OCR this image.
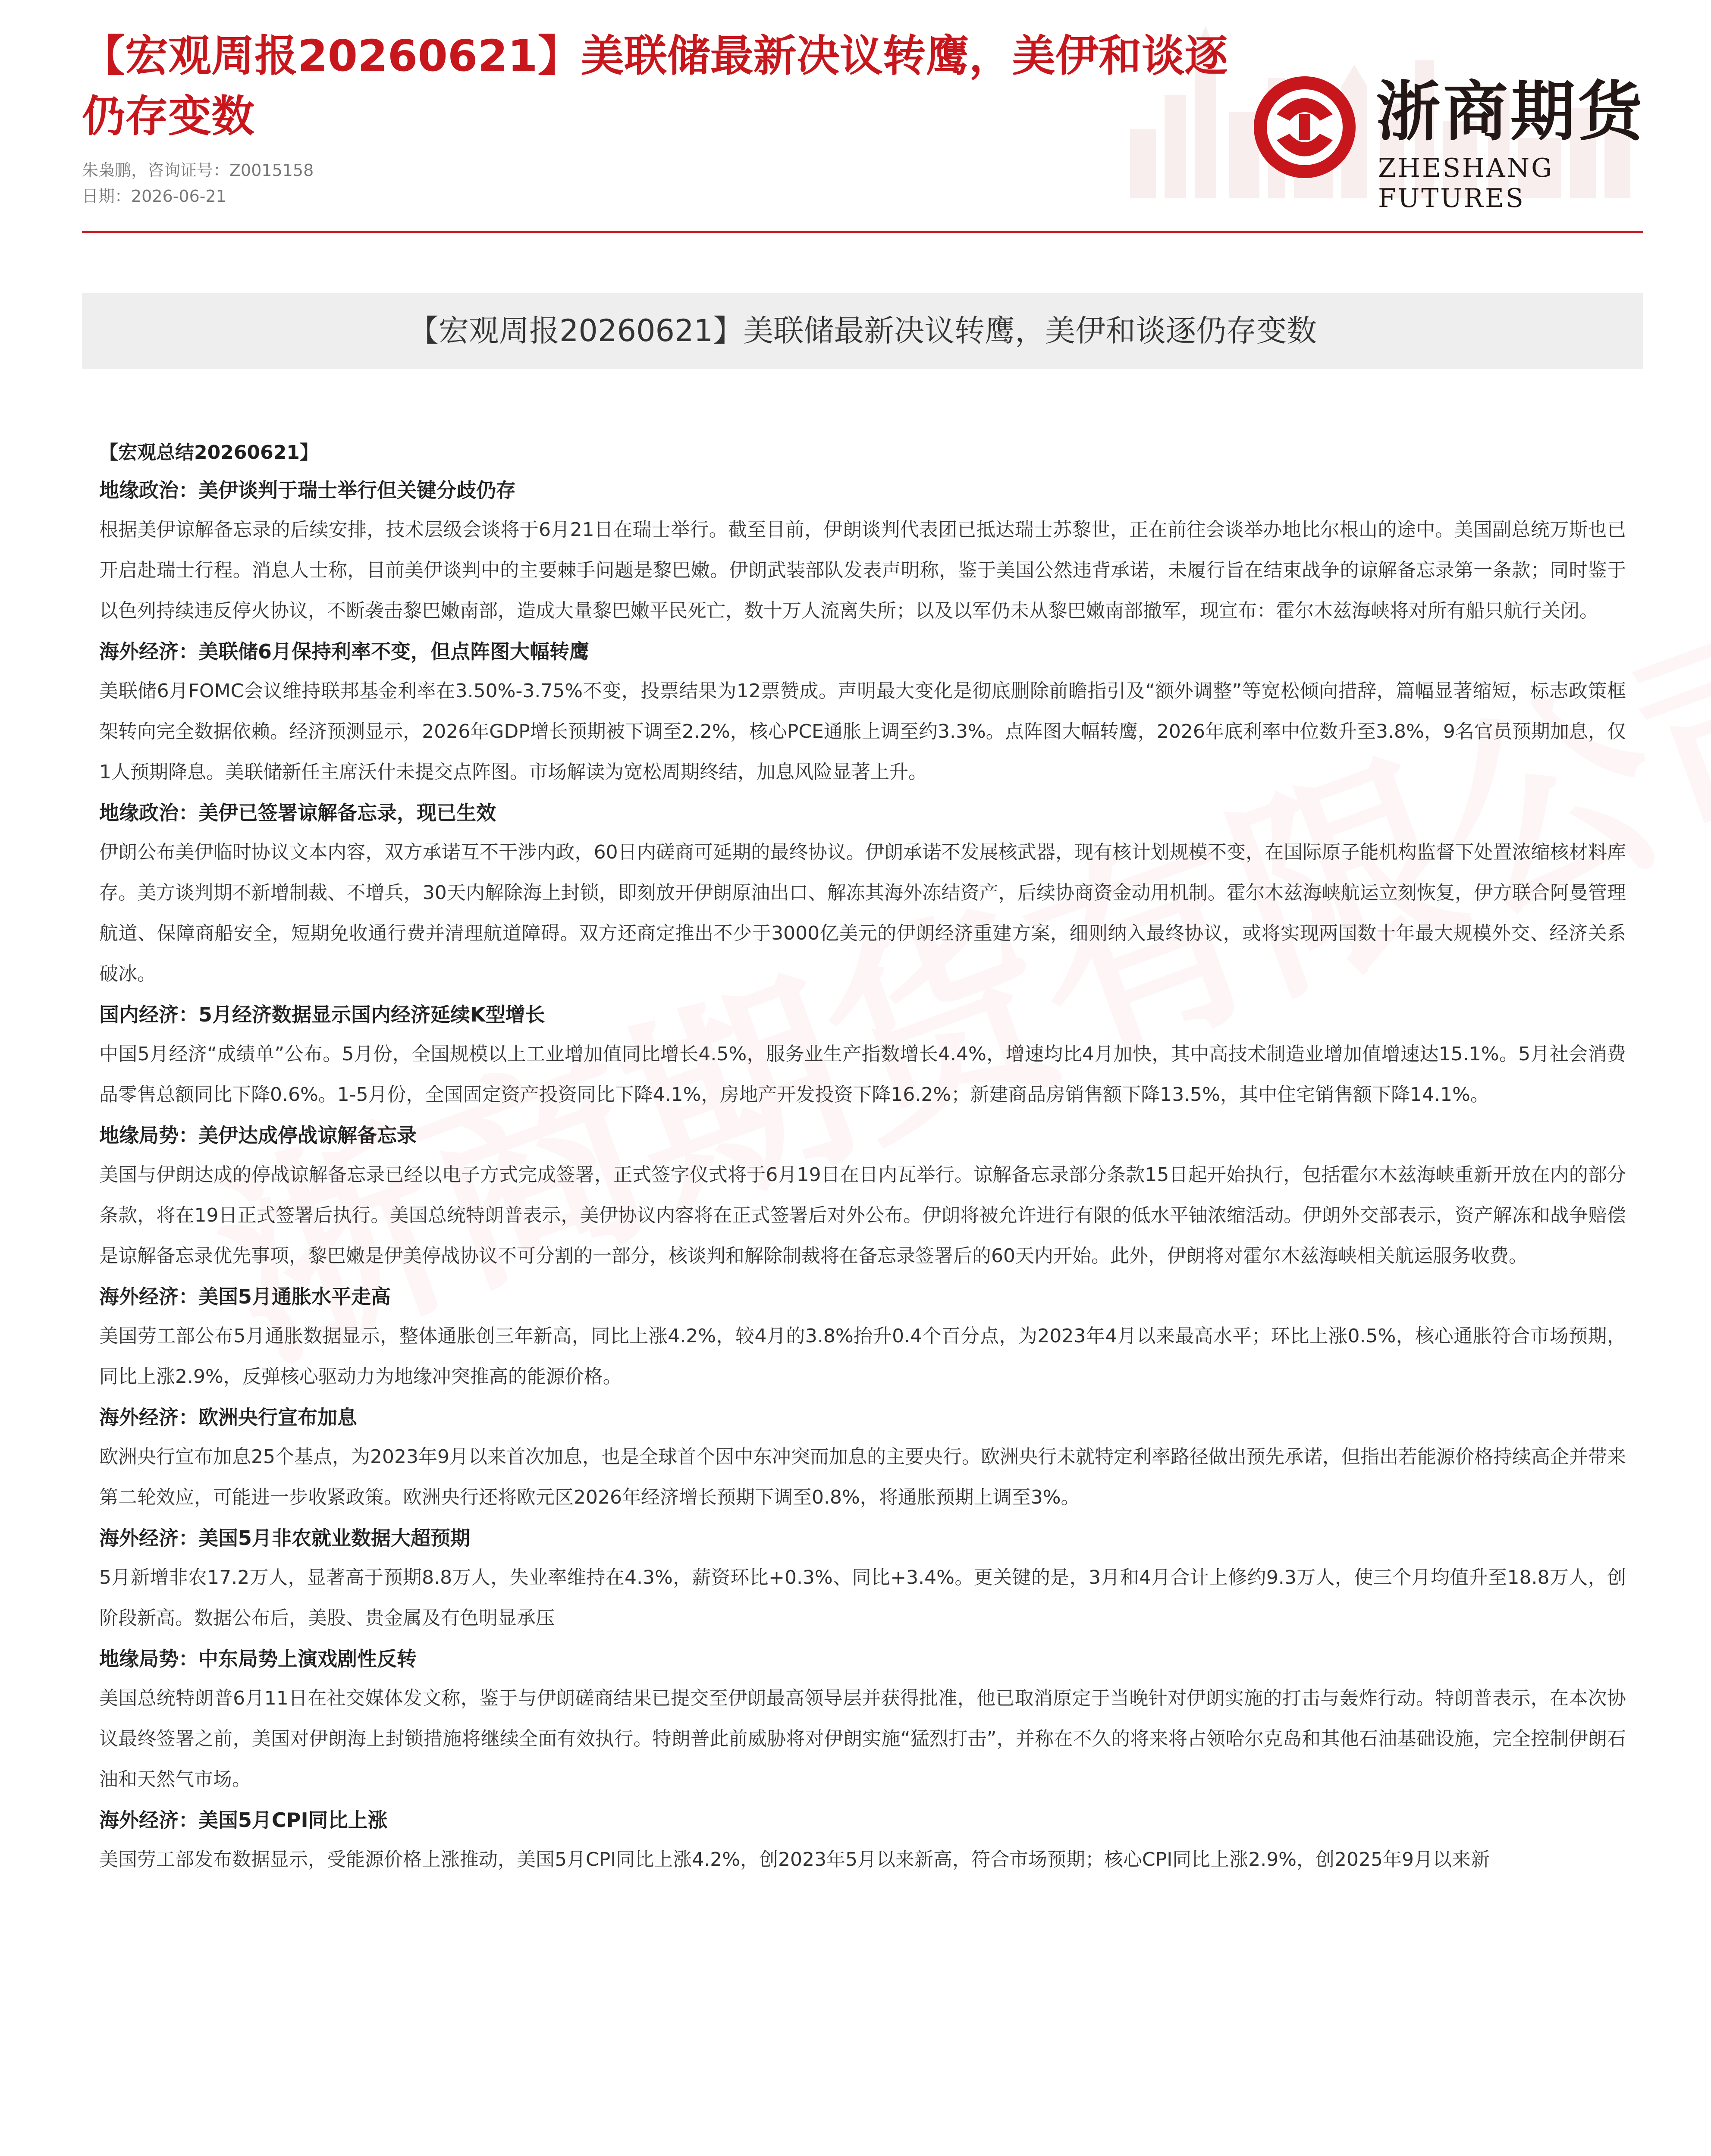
【宏观周报20260621】美联储最新决议转鹰，美伊和谈逐仍存变数	浙商期货
ZHESHANG FUTURES
朱枭鹏，咨询证号：Z0015158
日期：2026-06-21
【宏观周报20260621】美联储最新决议转鹰，美伊和谈逐仍存变数
【宏观总结20260621】
地缘政治：美伊谈判于瑞士举行但关键分歧仍存

根据美伊谅解备忘录的后续安排，技术层级会谈将于6月21日在瑞士举行。截至目前，伊朗谈判代表团已抵达瑞士苏黎世，正在前往会谈举办地比尔根山的途中。美国副总统万斯也已开启赴瑞士行程。消息人士称，目前美伊谈判中的主要棘手问题是黎巴嫩。伊朗武装部队发表声明称，鉴于美国公然违背承诺，未履行旨在结束战争的谅解备忘录第一条款；同时鉴于以色列持续违反停火协议，不断袭击黎巴嫩南部，造成大量黎巴嫩平民死亡，数十万人流离失所；以及以军仍未从黎巴嫩南部撤军，现宣布：霍尔木兹海峡将对所有船只航行关闭。

海外经济：美联储6月保持利率不变，但点阵图大幅转鹰

美联储6月FOMC会议维持联邦基金利率在3.50%-3.75%不变，投票结果为12票赞成。声明最大变化是彻底删除前瞻指引及“额外调整”等宽松倾向措辞，篇幅显著缩短，标志政策框架转向完全数据依赖。经济预测显示，2026年GDP增长预期被下调至2.2%，核心PCE通胀上调至约3.3%。点阵图大幅转鹰，2026年底利率中位数升至3.8%，9名官员预期加息，仅1人预期降息。美联储新任主席沃什未提交点阵图。市场解读为宽松周期终结，加息风险显著上升。

地缘政治：美伊已签署谅解备忘录，现已生效

伊朗公布美伊临时协议文本内容，双方承诺互不干涉内政，60日内磋商可延期的最终协议。伊朗承诺不发展核武器，现有核计划规模不变，在国际原子能机构监督下处置浓缩核材料库存。美方谈判期不新增制裁、不增兵，30天内解除海上封锁，即刻放开伊朗原油出口、解冻其海外冻结资产，后续协商资金动用机制。霍尔木兹海峡航运立刻恢复，伊方联合阿曼管理航道、保障商船安全，短期免收通行费并清理航道障碍。双方还商定推出不少于3000亿美元的伊朗经济重建方案，细则纳入最终协议，或将实现两国数十年最大规模外交、经济关系破冰。

国内经济：5月经济数据显示国内经济延续K型增长

中国5月经济“成绩单”公布。5月份，全国规模以上工业增加值同比增长4.5%，服务业生产指数增长4.4%，增速均比4月加快，其中高技术制造业增加值增速达15.1%。5月社会消费品零售总额同比下降0.6%。1-5月份，全国固定资产投资同比下降4.1%，房地产开发投资下降16.2%；新建商品房销售额下降13.5%，其中住宅销售额下降14.1%。

地缘局势：美伊达成停战谅解备忘录

美国与伊朗达成的停战谅解备忘录已经以电子方式完成签署，正式签字仪式将于6月19日在日内瓦举行。谅解备忘录部分条款15日起开始执行，包括霍尔木兹海峡重新开放在内的部分条款，将在19日正式签署后执行。美国总统特朗普表示，美伊协议内容将在正式签署后对外公布。伊朗将被允许进行有限的低水平铀浓缩活动。伊朗外交部表示，资产解冻和战争赔偿是谅解备忘录优先事项，黎巴嫩是伊美停战协议不可分割的一部分，核谈判和解除制裁将在备忘录签署后的60天内开始。此外，伊朗将对霍尔木兹海峡相关航运服务收费。

海外经济：美国5月通胀水平走高

美国劳工部公布5月通胀数据显示，整体通胀创三年新高，同比上涨4.2%，较4月的3.8%抬升0.4个百分点，为2023年4月以来最高水平；环比上涨0.5%，核心通胀符合市场预期，同比上涨2.9%，反弹核心驱动力为地缘冲突推高的能源价格。

海外经济：欧洲央行宣布加息

欧洲央行宣布加息25个基点，为2023年9月以来首次加息，也是全球首个因中东冲突而加息的主要央行。欧洲央行未就特定利率路径做出预先承诺，但指出若能源价格持续高企并带来第二轮效应，可能进一步收紧政策。欧洲央行还将欧元区2026年经济增长预期下调至0.8%，将通胀预期上调至3%。

海外经济：美国5月非农就业数据大超预期

5月新增非农17.2万人，显著高于预期8.8万人，失业率维持在4.3%，薪资环比+0.3%、同比+3.4%。更关键的是，3月和4月合计上修约9.3万人，使三个月均值升至18.8万人，创阶段新高。数据公布后，美股、贵金属及有色明显承压

地缘局势：中东局势上演戏剧性反转

美国总统特朗普6月11日在社交媒体发文称，鉴于与伊朗磋商结果已提交至伊朗最高领导层并获得批准，他已取消原定于当晚针对伊朗实施的打击与轰炸行动。特朗普表示，在本次协议最终签署之前，美国对伊朗海上封锁措施将继续全面有效执行。特朗普此前威胁将对伊朗实施“猛烈打击”，并称在不久的将来将占领哈尔克岛和其他石油基础设施，完全控制伊朗石油和天然气市场。

海外经济：美国5月CPI同比上涨

美国劳工部发布数据显示，受能源价格上涨推动，美国5月CPI同比上涨4.2%，创2023年5月以来新高，符合市场预期；核心CPI同比上涨2.9%，创2025年9月以来新
